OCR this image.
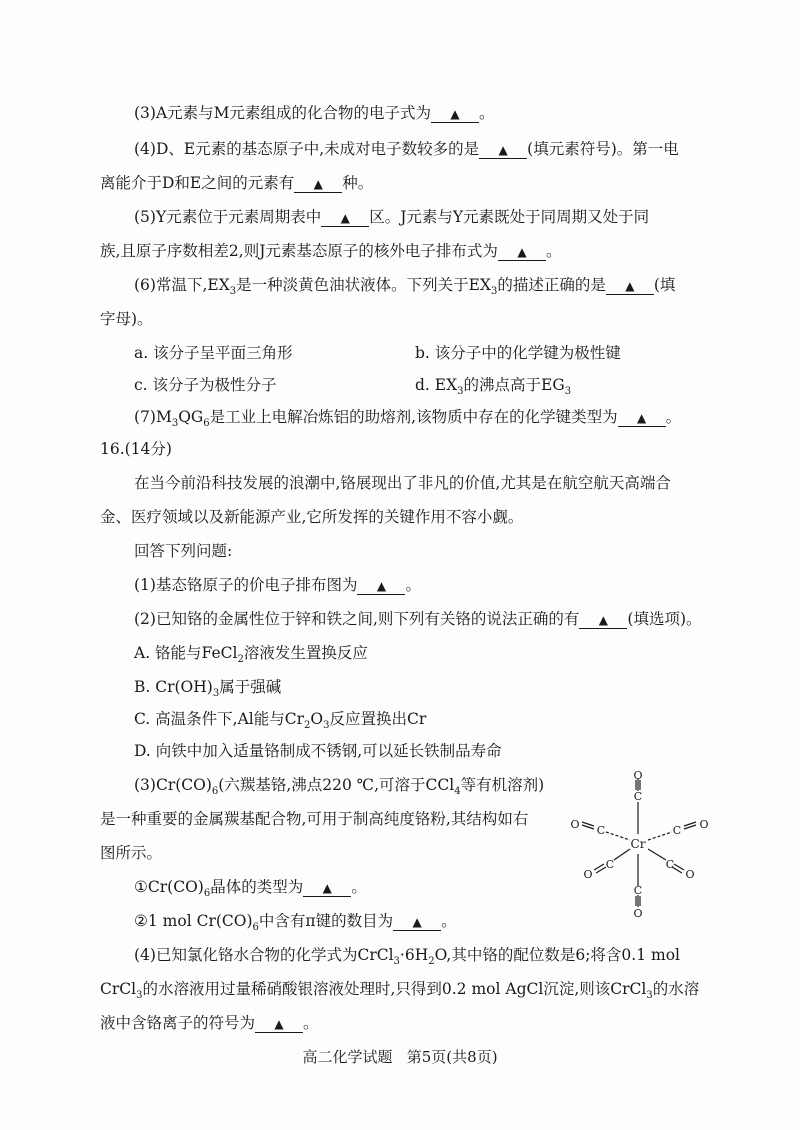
(3)A元素与M元素组成的化合物的电子式为 ▲ 。
(4)D、E元素的基态原子中,未成对电子数较多的是 ▲ (填元素符号)。第一电
离能介于D和E之间的元素有 ▲ 种。
(5)Y元素位于元素周期表中 ▲ 区。J元素与Y元素既处于同周期又处于同
族,且原子序数相差2,则J元素基态原子的核外电子排布式为 ▲ 。
(6)常温下$,EX_3$是一种淡黄色油状液体。下列关于$EX_3$的描述正确的是 ▲ (填
字母)。
a. 该分子呈平面三角形	b. 该分子中的化学键为极性键
c. 该分子为极性分子	d. $EX_3$的沸点高于$EG_3$
$(7)M_3QG_6$是工业上电解冶炼铝的助熔剂,该物质中存在的化学键类型为 ▲ 。
16.(14分)
在当今前沿科技发展的浪潮中,铬展现出了非凡的价值,尤其是在航空航天高端合
金、医疗领域以及新能源产业,它所发挥的关键作用不容小觑。
回答下列问题:
(1)基态铬原子的价电子排布图为 ▲ 。
(2)已知铬的金属性位于锌和铁之间,则下列有关铬的说法正确的有 ▲ (填选项)。
A. 铬能与FeCl$_2$溶液发生置换反应
B. $Cr(OH)_3$属于强碱
C. 高温条件下,Al能与$Cr_2O_3$反应置换出Cr
D. 向铁中加入适量铬制成不锈钢,可以延长铁制品寿命
$(3)Cr(CO)_6$(六羰基铬,沸点220 ℃,可溶于CCl$_4$等有机溶剂)
是一种重要的金属羰基配合物,可用于制高纯度铬粉,其结构如右
图所示。
$①Cr(CO)_6$晶体的类型为 ▲ 。
②1 mol $Cr(CO)_6$中含有π键的数目为 ▲ 。
(4)已知氯化铬水合物的化学式为$CrCl_3\cdot 6H_2O$,其中铬的配位数是6;将含0.1 mol
CrCl$_3$的水溶液用过量稀硝酸银溶液处理时,只得到0.2 mol AgCl沉淀,则该CrCl$_3$的水溶
液中含铬离子的符号为 ▲ 。
O
C
Cr
C
O
O C	C O
C
O
C
O
高二化学试题 第5页(共8页)
